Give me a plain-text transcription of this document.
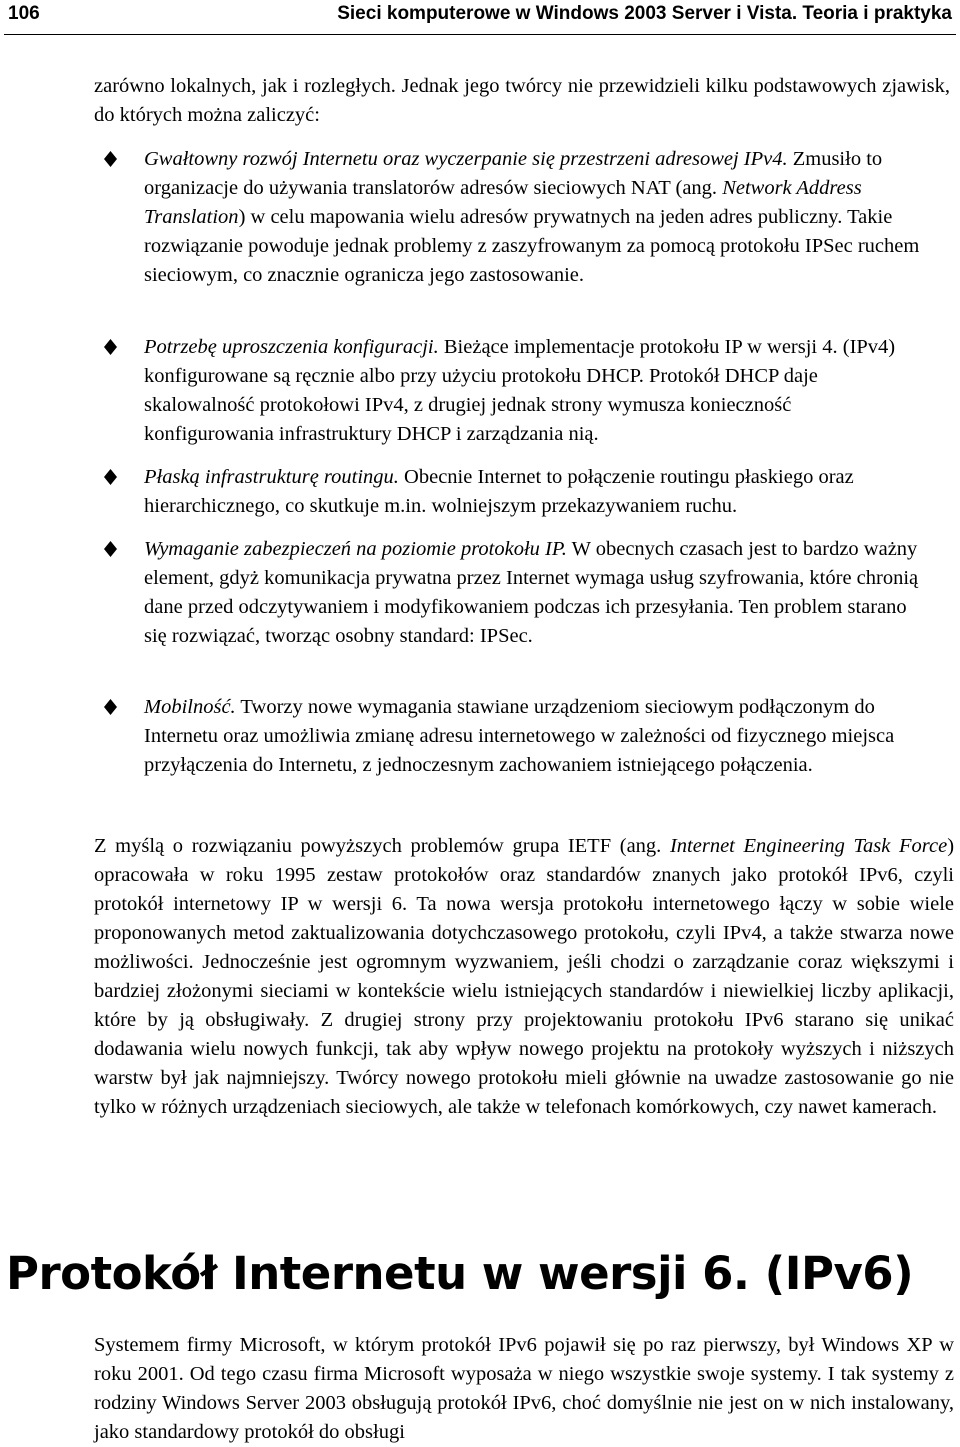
106	Sieci komputerowe w Windows 2003 Server i Vista. Teoria i praktyka

zarówno lokalnych, jak i rozległych. Jednak jego twórcy nie przewidzieli kilku podstawowych zjawisk, do których można zaliczyć:

Gwałtowny rozwój Internetu oraz wyczerpanie się przestrzeni adresowej IPv4. Zmusiło to organizacje do używania translatorów adresów sieciowych NAT (ang. Network Address Translation) w celu mapowania wielu adresów prywatnych na jeden adres publiczny. Takie rozwiązanie powoduje jednak problemy z zaszyfrowanym za pomocą protokołu IPSec ruchem sieciowym, co znacznie ogranicza jego zastosowanie.

Potrzebę uproszczenia konfiguracji. Bieżące implementacje protokołu IP w wersji 4. (IPv4) konfigurowane są ręcznie albo przy użyciu protokołu DHCP. Protokół DHCP daje skalowalność protokołowi IPv4, z drugiej jednak strony wymusza konieczność konfigurowania infrastruktury DHCP i zarządzania nią.

Płaską infrastrukturę routingu. Obecnie Internet to połączenie routingu płaskiego oraz hierarchicznego, co skutkuje m.in. wolniejszym przekazywaniem ruchu.

Wymaganie zabezpieczeń na poziomie protokołu IP. W obecnych czasach jest to bardzo ważny element, gdyż komunikacja prywatna przez Internet wymaga usług szyfrowania, które chronią dane przed odczytywaniem i modyfikowaniem podczas ich przesyłania. Ten problem starano się rozwiązać, tworząc osobny standard: IPSec.

Mobilność. Tworzy nowe wymagania stawiane urządzeniom sieciowym podłączonym do Internetu oraz umożliwia zmianę adresu internetowego w zależności od fizycznego miejsca przyłączenia do Internetu, z jednoczesnym zachowaniem istniejącego połączenia.

Z myślą o rozwiązaniu powyższych problemów grupa IETF (ang. Internet Engineering Task Force) opracowała w roku 1995 zestaw protokołów oraz standardów znanych jako protokół IPv6, czyli protokół internetowy IP w wersji 6. Ta nowa wersja protokołu internetowego łączy w sobie wiele proponowanych metod zaktualizowania dotychczasowego protokołu, czyli IPv4, a także stwarza nowe możliwości. Jednocześnie jest ogromnym wyzwaniem, jeśli chodzi o zarządzanie coraz większymi i bardziej złożonymi sieciami w kontekście wielu istniejących standardów i niewielkiej liczby aplikacji, które by ją obsługiwały. Z drugiej strony przy projektowaniu protokołu IPv6 starano się unikać dodawania wielu nowych funkcji, tak aby wpływ nowego projektu na protokoły wyższych i niższych warstw był jak najmniejszy. Twórcy nowego protokołu mieli głównie na uwadze zastosowanie go nie tylko w różnych urządzeniach sieciowych, ale także w telefonach komórkowych, czy nawet kamerach.

Protokół Internetu w wersji 6. (IPv6)

Systemem firmy Microsoft, w którym protokół IPv6 pojawił się po raz pierwszy, był Windows XP w roku 2001. Od tego czasu firma Microsoft wyposaża w niego wszystkie swoje systemy. I tak systemy z rodziny Windows Server 2003 obsługują protokół IPv6, choć domyślnie nie jest on w nich instalowany, jako standardowy protokół do obsługi
